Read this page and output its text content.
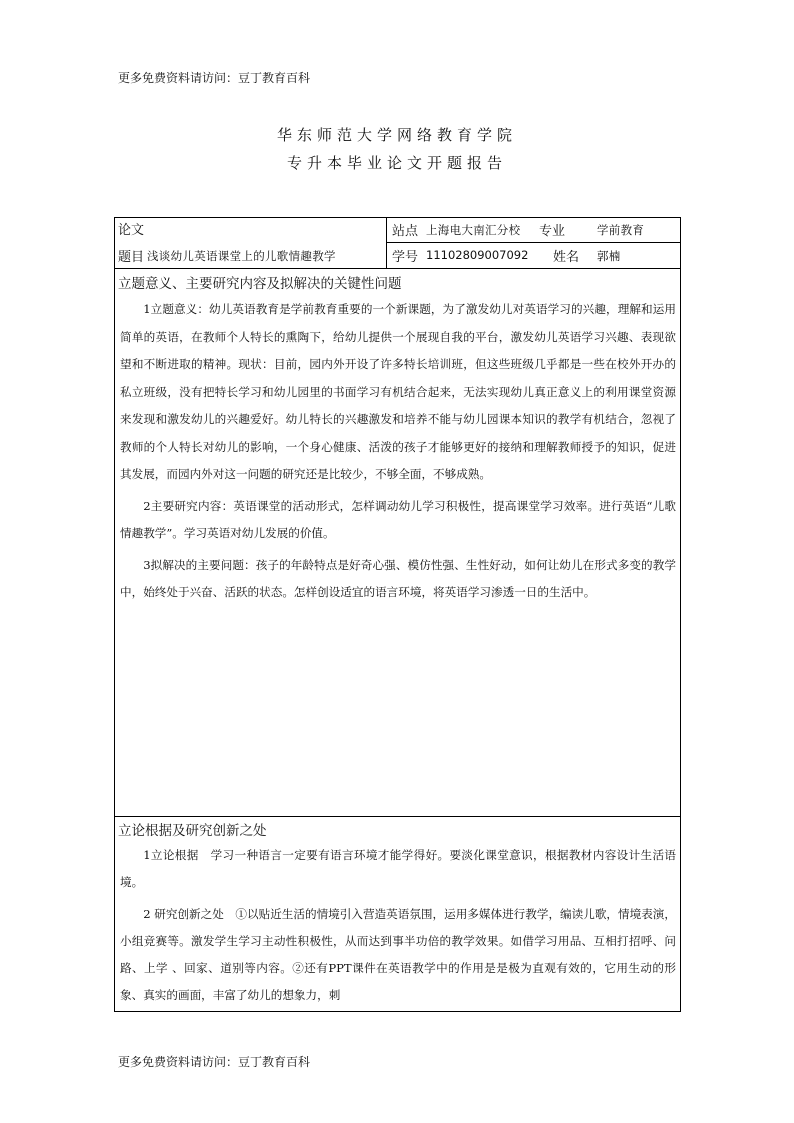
更多免费资料请访问：豆丁教育百科
华东师范大学网络教育学院
专升本毕业论文开题报告
论文
题目 浅谈幼儿英语课堂上的儿歌情趣教学
站点 上海电大南汇分校 专业	学前教育
学号 11102809007092 姓名 郭楠
立题意义、主要研究内容及拟解决的关键性问题

1立题意义：幼儿英语教育是学前教育重要的一个新课题，为了激发幼儿对英语学习的兴趣，理解和运用简单的英语，在教师个人特长的熏陶下，给幼儿提供一个展现自我的平台，激发幼儿英语学习兴趣、表现欲望和不断进取的精神。现状：目前，园内外开设了许多特长培训班，但这些班级几乎都是一些在校外开办的私立班级，没有把特长学习和幼儿园里的书面学习有机结合起来，无法实现幼儿真正意义上的利用课堂资源来发现和激发幼儿的兴趣爱好。幼儿特长的兴趣激发和培养不能与幼儿园课本知识的教学有机结合，忽视了教师的个人特长对幼儿的影响，一个身心健康、活泼的孩子才能够更好的接纳和理解教师授予的知识，促进其发展，而园内外对这一问题的研究还是比较少，不够全面，不够成熟。

2主要研究内容：英语课堂的活动形式，怎样调动幼儿学习积极性，提高课堂学习效率。进行英语“儿歌情趣教学”。学习英语对幼儿发展的价值。

3拟解决的主要问题：孩子的年龄特点是好奇心强、模仿性强、生性好动，如何让幼儿在形式多变的教学中，始终处于兴奋、活跃的状态。怎样创设适宜的语言环境，将英语学习渗透一日的生活中。

立论根据及研究创新之处

1立论根据　学习一种语言一定要有语言环境才能学得好。要淡化课堂意识，根据教材内容设计生活语境。

2 研究创新之处　①以贴近生活的情境引入营造英语氛围，运用多媒体进行教学，编读儿歌，情境表演，小组竞赛等。激发学生学习主动性积极性，从而达到事半功倍的教学效果。如借学习用品、互相打招呼、问路、上学 、回家、道别等内容。②还有PPT课件在英语教学中的作用是是极为直观有效的，它用生动的形象、真实的画面，丰富了幼儿的想象力，刺

更多免费资料请访问：豆丁教育百科
